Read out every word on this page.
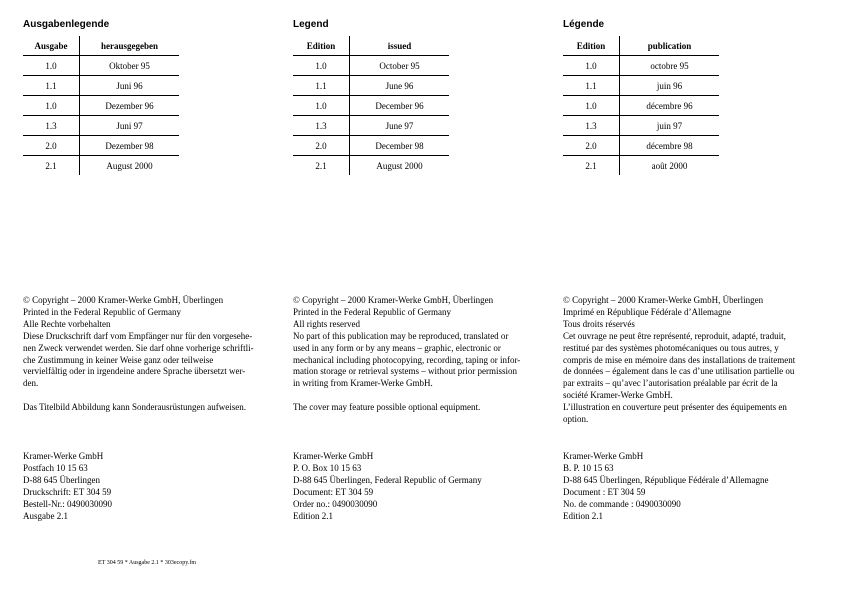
Ausgabenlegende
Ausgabe	herausgegeben
1.0	Oktober 95
1.1	Juni 96
1.0	Dezember 96
1.3	Juni 97
2.0	Dezember 98
2.1	August 2000
© Copyright – 2000 Kramer-Werke GmbH, Überlingen
Printed in the Federal Republic of Germany
Alle Rechte vorbehalten
Diese Druckschrift darf vom Empfänger nur für den vorgesehe-
nen Zweck verwendet werden. Sie darf ohne vorherige schriftli-
che Zustimmung in keiner Weise ganz oder teilweise
vervielfältig oder in irgendeine andere Sprache übersetzt wer-
den.
Das Titelbild Abbildung kann Sonderausrüstungen aufweisen.
Kramer-Werke GmbH
Postfach 10 15 63
D-88 645 Überlingen
Druckschrift: ET 304 59
Bestell-Nr.: 0490030090
Ausgabe 2.1
Legend
Edition	issued
1.0	October 95
1.1	June 96
1.0	December 96
1.3	June 97
2.0	December 98
2.1	August 2000
© Copyright – 2000 Kramer-Werke GmbH, Überlingen
Printed in the Federal Republic of Germany
All rights reserved
No part of this publication may be reproduced, translated or
used in any form or by any means – graphic, electronic or
mechanical including photocopying, recording, taping or infor-
mation storage or retrieval systems – without prior permission
in writing from Kramer-Werke GmbH.
The cover may feature possible optional equipment.
Kramer-Werke GmbH
P. O. Box 10 15 63
D-88 645 Überlingen, Federal Republic of Germany
Document: ET 304 59
Order no.: 0490030090
Edition 2.1
Légende
Edition	publication
1.0	octobre 95
1.1	juin 96
1.0	décembre 96
1.3	juin 97
2.0	décembre 98
2.1	août 2000
© Copyright – 2000 Kramer-Werke GmbH, Überlingen
Imprimé en République Fédérale d’Allemagne
Tous droits réservés
Cet ouvrage ne peut être représenté, reproduit, adapté, traduit,
restitué par des systèmes photomécaniques ou tous autres, y
compris de mise en mémoire dans des installations de traitement
de données – également dans le cas d’une utilisation partielle ou
par extraits – qu’avec l’autorisation préalable par écrit de la
société Kramer-Werke GmbH.
L’illustration en couverture peut présenter des équipements en
option.
Kramer-Werke GmbH
B. P. 10 15 63
D-88 645 Überlingen, République Fédérale d’Allemagne
Document : ET 304 59
No. de commande : 0490030090
Edition 2.1
ET 304 59 * Ausgabe 2.1 * 303ecopy.fm
